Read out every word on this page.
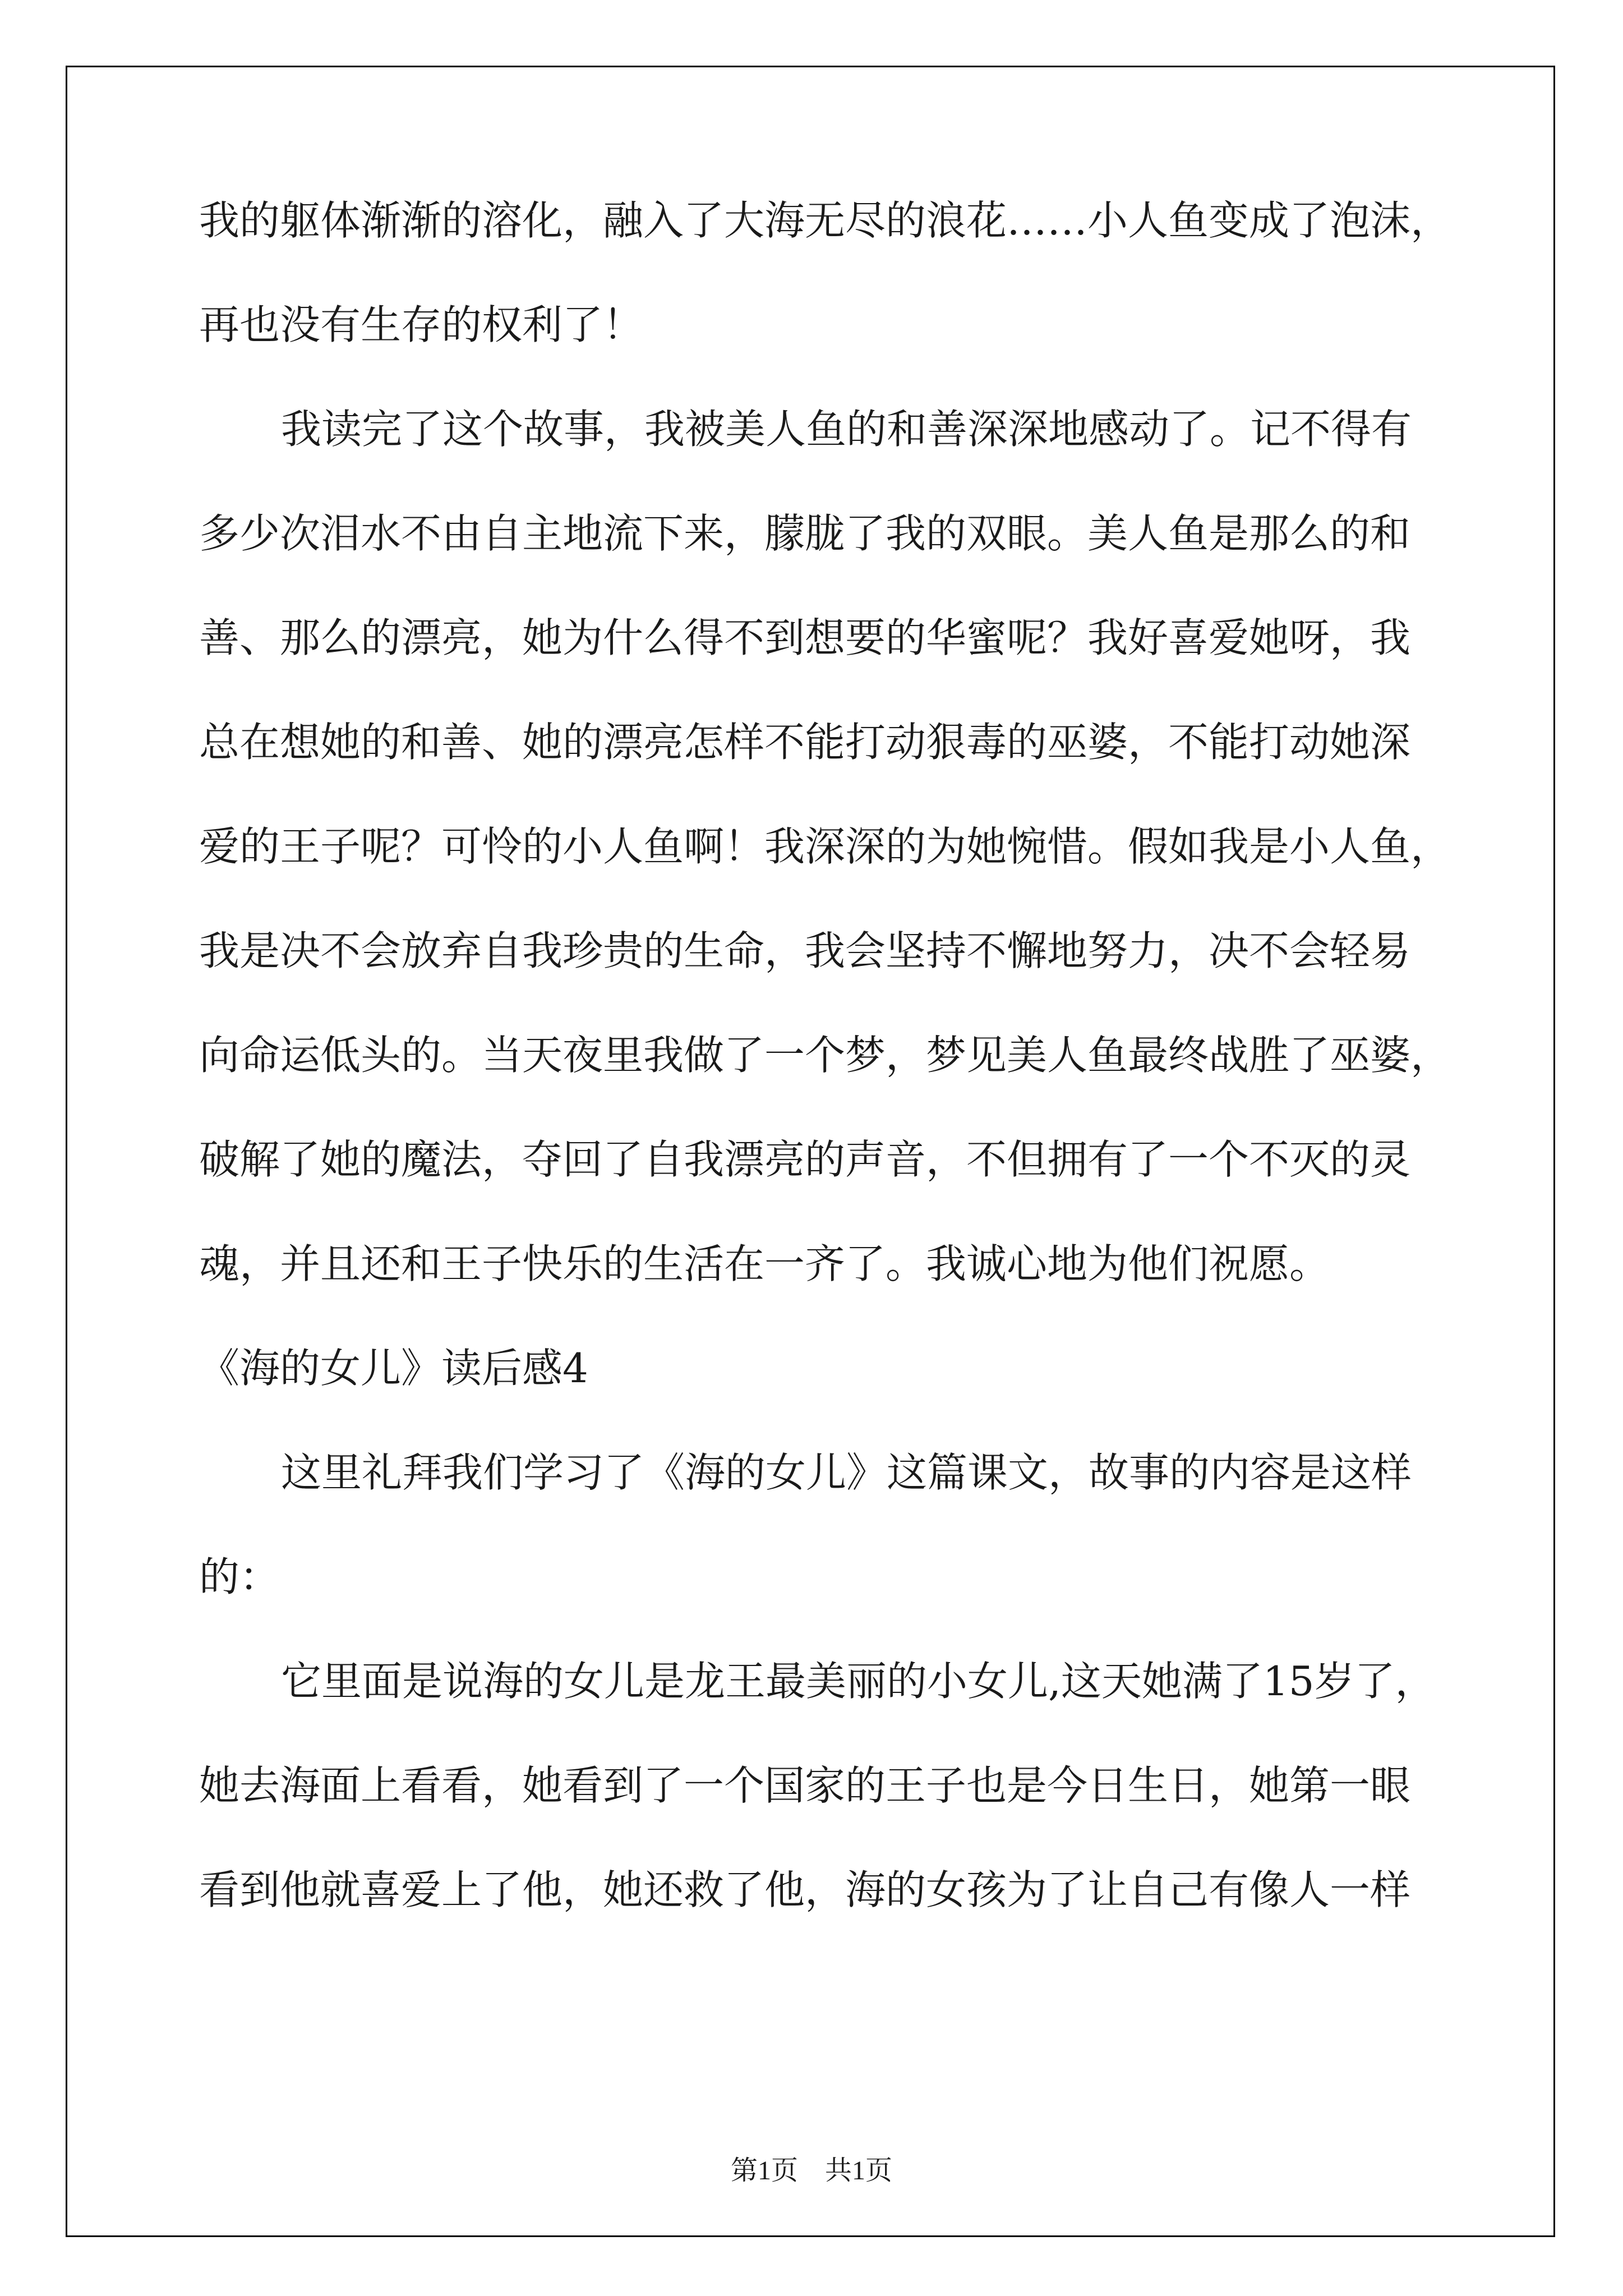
我的躯体渐渐的溶化，融入了大海无尽的浪花……小人鱼变成了泡沫，
再也没有生存的权利了！
我读完了这个故事，我被美人鱼的和善深深地感动了。记不得有
多少次泪水不由自主地流下来，朦胧了我的双眼。美人鱼是那么的和
善、那么的漂亮，她为什么得不到想要的华蜜呢？我好喜爱她呀，我
总在想她的和善、她的漂亮怎样不能打动狠毒的巫婆，不能打动她深
爱的王子呢？可怜的小人鱼啊！我深深的为她惋惜。假如我是小人鱼，
我是决不会放弃自我珍贵的生命，我会坚持不懈地努力，决不会轻易
向命运低头的。当天夜里我做了一个梦，梦见美人鱼最终战胜了巫婆，
破解了她的魔法，夺回了自我漂亮的声音，不但拥有了一个不灭的灵
魂，并且还和王子快乐的生活在一齐了。我诚心地为他们祝愿。
《海的女儿》读后感4
这里礼拜我们学习了《海的女儿》这篇课文，故事的内容是这样
的：
它里面是说海的女儿是龙王最美丽的小女儿,这天她满了15岁了，
她去海面上看看，她看到了一个国家的王子也是今日生日，她第一眼
看到他就喜爱上了他，她还救了他，海的女孩为了让自己有像人一样
第1页　共1页
